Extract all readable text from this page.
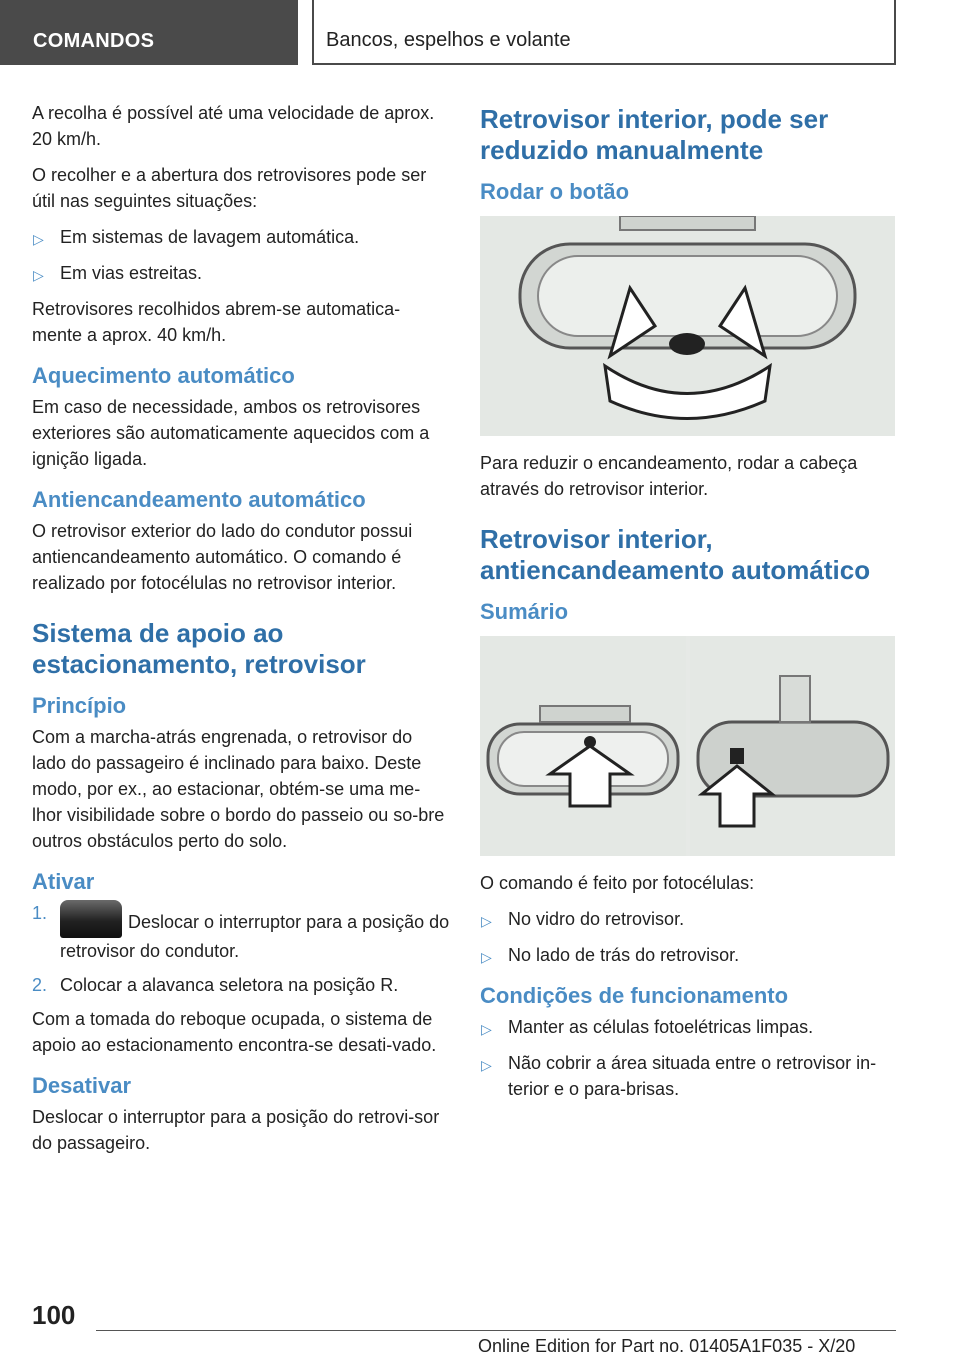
COMANDOS	Bancos, espelhos e volante

A recolha é possível até uma velocidade de aprox. 20 km/h.

O recolher e a abertura dos retrovisores pode ser útil nas seguintes situações:

▷ Em sistemas de lavagem automática.
▷ Em vias estreitas.

Retrovisores recolhidos abrem-se automatica-mente a aprox. 40 km/h.

Aquecimento automático

Em caso de necessidade, ambos os retrovisores exteriores são automaticamente aquecidos com a ignição ligada.

Antiencandeamento automático

O retrovisor exterior do lado do condutor possui antiencandeamento automático. O comando é realizado por fotocélulas no retrovisor interior.

Sistema de apoio ao estacionamento, retrovisor
Princípio

Com a marcha-atrás engrenada, o retrovisor do lado do passageiro é inclinado para baixo. Deste modo, por ex., ao estacionar, obtém-se uma me-lhor visibilidade sobre o bordo do passeio ou so-bre outros obstáculos perto do solo.

Ativar
1.	Deslocar o interruptor para a posição do retrovisor do condutor.
2. Colocar a alavanca seletora na posição R.

Com a tomada do reboque ocupada, o sistema de apoio ao estacionamento encontra-se desati-vado.

Desativar

Deslocar o interruptor para a posição do retrovi-sor do passageiro.

Retrovisor interior, pode ser reduzido manualmente
Rodar o botão

Para reduzir o encandeamento, rodar a cabeça através do retrovisor interior.

Retrovisor interior, antiencandeamento automático
Sumário

O comando é feito por fotocélulas:

▷ No vidro do retrovisor.
▷ No lado de trás do retrovisor.
Condições de funcionamento
▷ Manter as células fotoelétricas limpas.
▷ Não cobrir a área situada entre o retrovisor in-terior e o para-brisas.
100
Online Edition for Part no. 01405A1F035 - X/20
